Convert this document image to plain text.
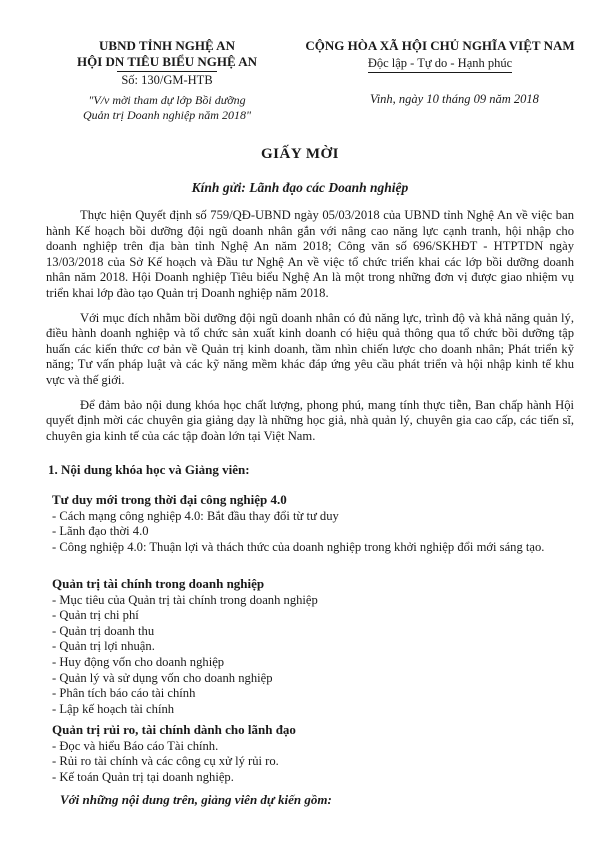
UBND TỈNH NGHỆ AN
HỘI DN TIÊU BIỂU NGHỆ AN
Số: 130/GM-HTB
"V/v mời tham dự lớp Bồi dưỡng
Quản trị Doanh nghiệp năm 2018"
CỘNG HÒA XÃ HỘI CHỦ NGHĨA VIỆT NAM
Độc lập - Tự do - Hạnh phúc
Vinh, ngày 10 tháng 09 năm 2018
GIẤY MỜI
Kính gửi: Lãnh đạo các Doanh nghiệp

Thực hiện Quyết định số 759/QĐ-UBND ngày 05/03/2018 của UBND tỉnh Nghệ An về việc ban hành Kế hoạch bồi dưỡng đội ngũ doanh nhân gắn với nâng cao năng lực cạnh tranh, hội nhập cho doanh nghiệp trên địa bàn tỉnh Nghệ An năm 2018; Công văn số 696/SKHĐT - HTPTDN ngày 13/03/2018 của Sở Kế hoạch và Đầu tư Nghệ An về việc tổ chức triển khai các lớp bồi dưỡng doanh nhân năm 2018. Hội Doanh nghiệp Tiêu biểu Nghệ An là một trong những đơn vị được giao nhiệm vụ triển khai lớp đào tạo Quản trị Doanh nghiệp năm 2018.

Với mục đích nhằm bồi dưỡng đội ngũ doanh nhân có đủ năng lực, trình độ và khả năng quản lý, điều hành doanh nghiệp và tổ chức sản xuất kinh doanh có hiệu quả thông qua tổ chức bồi dưỡng tập huấn các kiến thức cơ bản về Quản trị kinh doanh, tầm nhìn chiến lược cho doanh nhân; Phát triển kỹ năng; Tư vấn pháp luật và các kỹ năng mềm khác đáp ứng yêu cầu phát triển và hội nhập kinh tế khu vực và thế giới.

Để đảm bảo nội dung khóa học chất lượng, phong phú, mang tính thực tiễn, Ban chấp hành Hội quyết định mời các chuyên gia giảng dạy là những học giả, nhà quản lý, chuyên gia cao cấp, các tiến sĩ, chuyên gia kinh tế của các tập đoàn lớn tại Việt Nam.

1. Nội dung khóa học và Giảng viên:
Tư duy mới trong thời đại công nghiệp 4.0
- Cách mạng công nghiệp 4.0: Bắt đầu thay đổi từ tư duy
- Lãnh đạo thời 4.0
- Công nghiệp 4.0: Thuận lợi và thách thức của doanh nghiệp trong khởi nghiệp đổi mới sáng tạo.
Quản trị tài chính trong doanh nghiệp
- Mục tiêu của Quản trị tài chính trong doanh nghiệp
- Quản trị chi phí
- Quản trị doanh thu
- Quản trị lợi nhuận.
- Huy động vốn cho doanh nghiệp
- Quản lý và sử dụng vốn cho doanh nghiệp
- Phân tích báo cáo tài chính
- Lập kế hoạch tài chính
Quản trị rủi ro, tài chính dành cho lãnh đạo
- Đọc và hiểu Báo cáo Tài chính.
- Rủi ro tài chính và các công cụ xử lý rủi ro.
- Kế toán Quản trị tại doanh nghiệp.
Với những nội dung trên, giảng viên dự kiến gồm:
